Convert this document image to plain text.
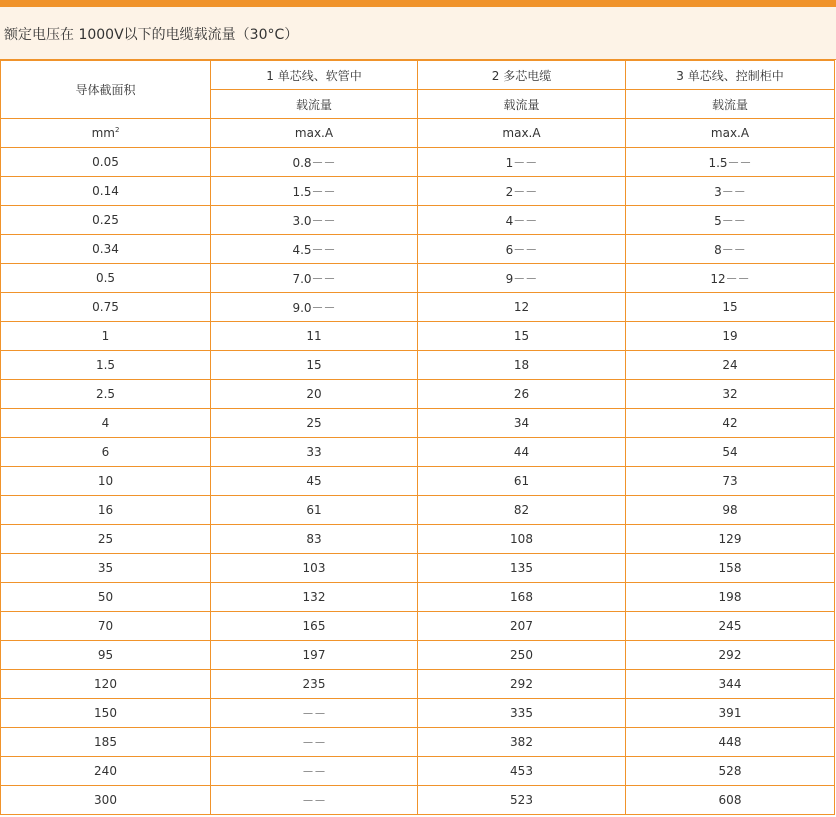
额定电压在 1000V以下的电缆载流量（30°C）
导体截面积	1 单芯线、软管中	2 多芯电缆	3 单芯线、控制柜中
	载流量	载流量	载流量
$mm^2$	max.A	max.A	max.A
0.05	0.8－－	1－－	1.5－－
0.14	1.5－－	2－－	3－－
0.25	3.0－－	4－－	5－－
0.34	4.5－－	6－－	8－－
0.5	7.0－－	9－－	12－－
0.75	9.0－－	12	15
1	11	15	19
1.5	15	18	24
2.5	20	26	32
4	25	34	42
6	33	44	54
10	45	61	73
16	61	82	98
25	83	108	129
35	103	135	158
50	132	168	198
70	165	207	245
95	197	250	292
120	235	292	344
150	－－	335	391
185	－－	382	448
240	－－	453	528
300	－－	523	608
